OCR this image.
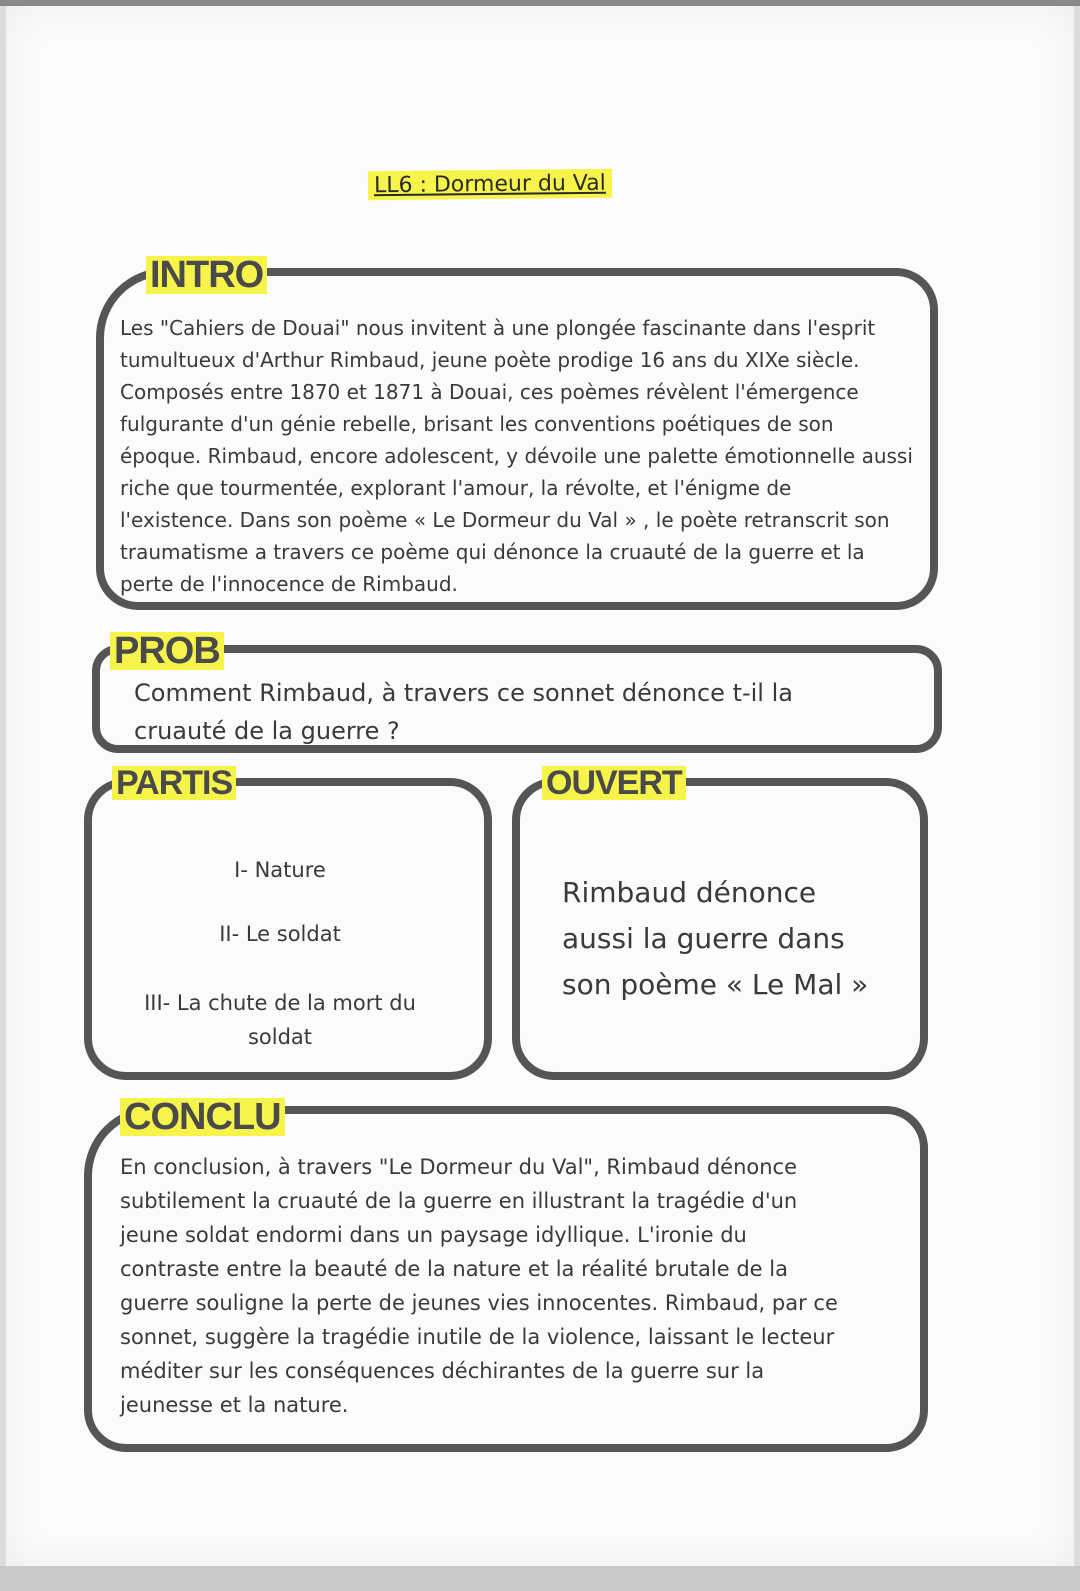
LL6 : Dormeur du Val
INTRO
Les "Cahiers de Douai" nous invitent à une plongée fascinante dans l'esprit
tumultueux d'Arthur Rimbaud, jeune poète prodige 16 ans du XIXe siècle.
Composés entre 1870 et 1871 à Douai, ces poèmes révèlent l'émergence
fulgurante d'un génie rebelle, brisant les conventions poétiques de son
époque. Rimbaud, encore adolescent, y dévoile une palette émotionnelle aussi
riche que tourmentée, explorant l'amour, la révolte, et l'énigme de
l'existence. Dans son poème « Le Dormeur du Val » , le poète retranscrit son
traumatisme a travers ce poème qui dénonce la cruauté de la guerre et la
perte de l'innocence de Rimbaud.
PROB
Comment Rimbaud, à travers ce sonnet dénonce t-il la
cruauté de la guerre ?
PARTIS
I- Nature
II- Le soldat
III- La chute de la mort du
soldat
OUVERT
Rimbaud dénonce
aussi la guerre dans
son poème « Le Mal »
CONCLU
En conclusion, à travers "Le Dormeur du Val", Rimbaud dénonce
subtilement la cruauté de la guerre en illustrant la tragédie d'un
jeune soldat endormi dans un paysage idyllique. L'ironie du
contraste entre la beauté de la nature et la réalité brutale de la
guerre souligne la perte de jeunes vies innocentes. Rimbaud, par ce
sonnet, suggère la tragédie inutile de la violence, laissant le lecteur
méditer sur les conséquences déchirantes de la guerre sur la
jeunesse et la nature.
